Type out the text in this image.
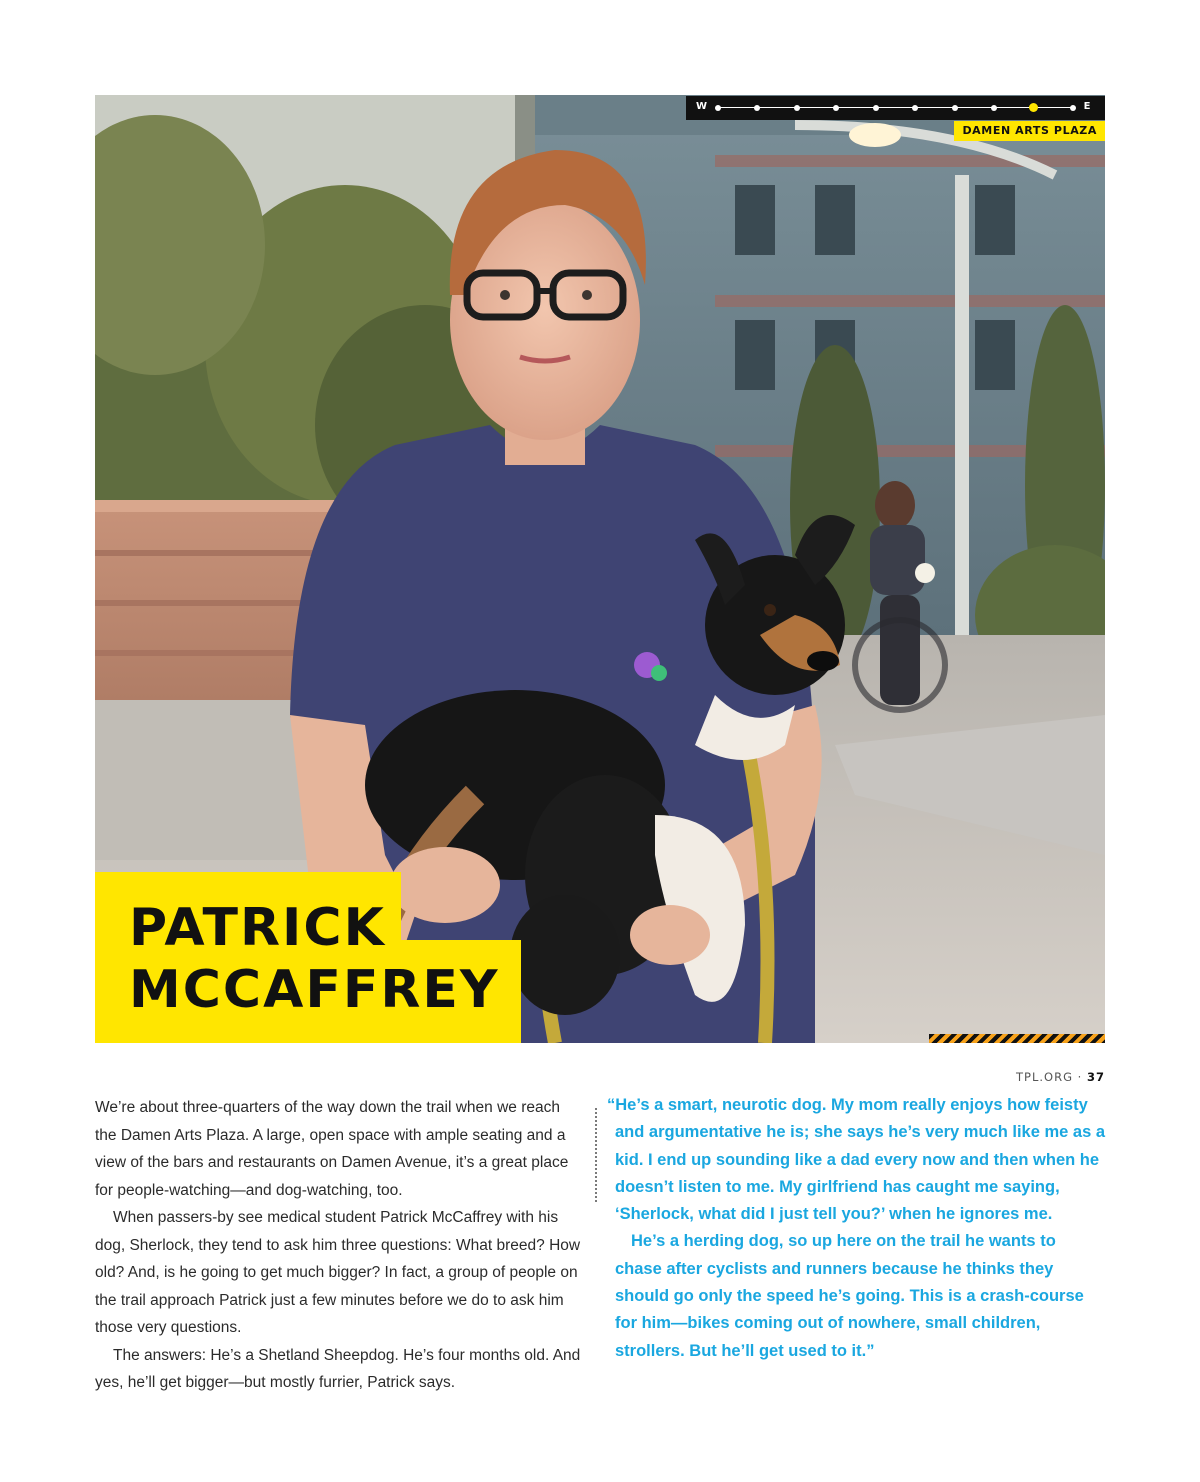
W	E
DAMEN ARTS PLAZA
PATRICK
MCCAFFREY

We’re about three-quarters of the way down the trail when we reach the Damen Arts Plaza. A large, open space with ample seating and a view of the bars and restaurants on Damen Avenue, it’s a great place for people-watching—and dog-watching, too.

When passers-by see medical student Patrick McCaffrey with his dog, Sherlock, they tend to ask him three questions: What breed? How old? And, is he going to get much bigger? In fact, a group of people on the trail approach Patrick just a few minutes before we do to ask him those very questions.

The answers: He’s a Shetland Sheepdog. He’s four months old. And yes, he’ll get bigger—but mostly furrier, Patrick says.

“He’s a smart, neurotic dog. My mom really enjoys how feisty and argumentative he is; she says he’s very much like me as a kid. I end up sounding like a dad every now and then when he doesn’t listen to me. My girlfriend has caught me saying, ‘Sherlock, what did I just tell you?’ when he ignores me.

He’s a herding dog, so up here on the trail he wants to chase after cyclists and runners because he thinks they should go only the speed he’s going. This is a crash-course for him—bikes coming out of nowhere, small children, strollers. But he’ll get used to it.”

TPL.ORG · 37
